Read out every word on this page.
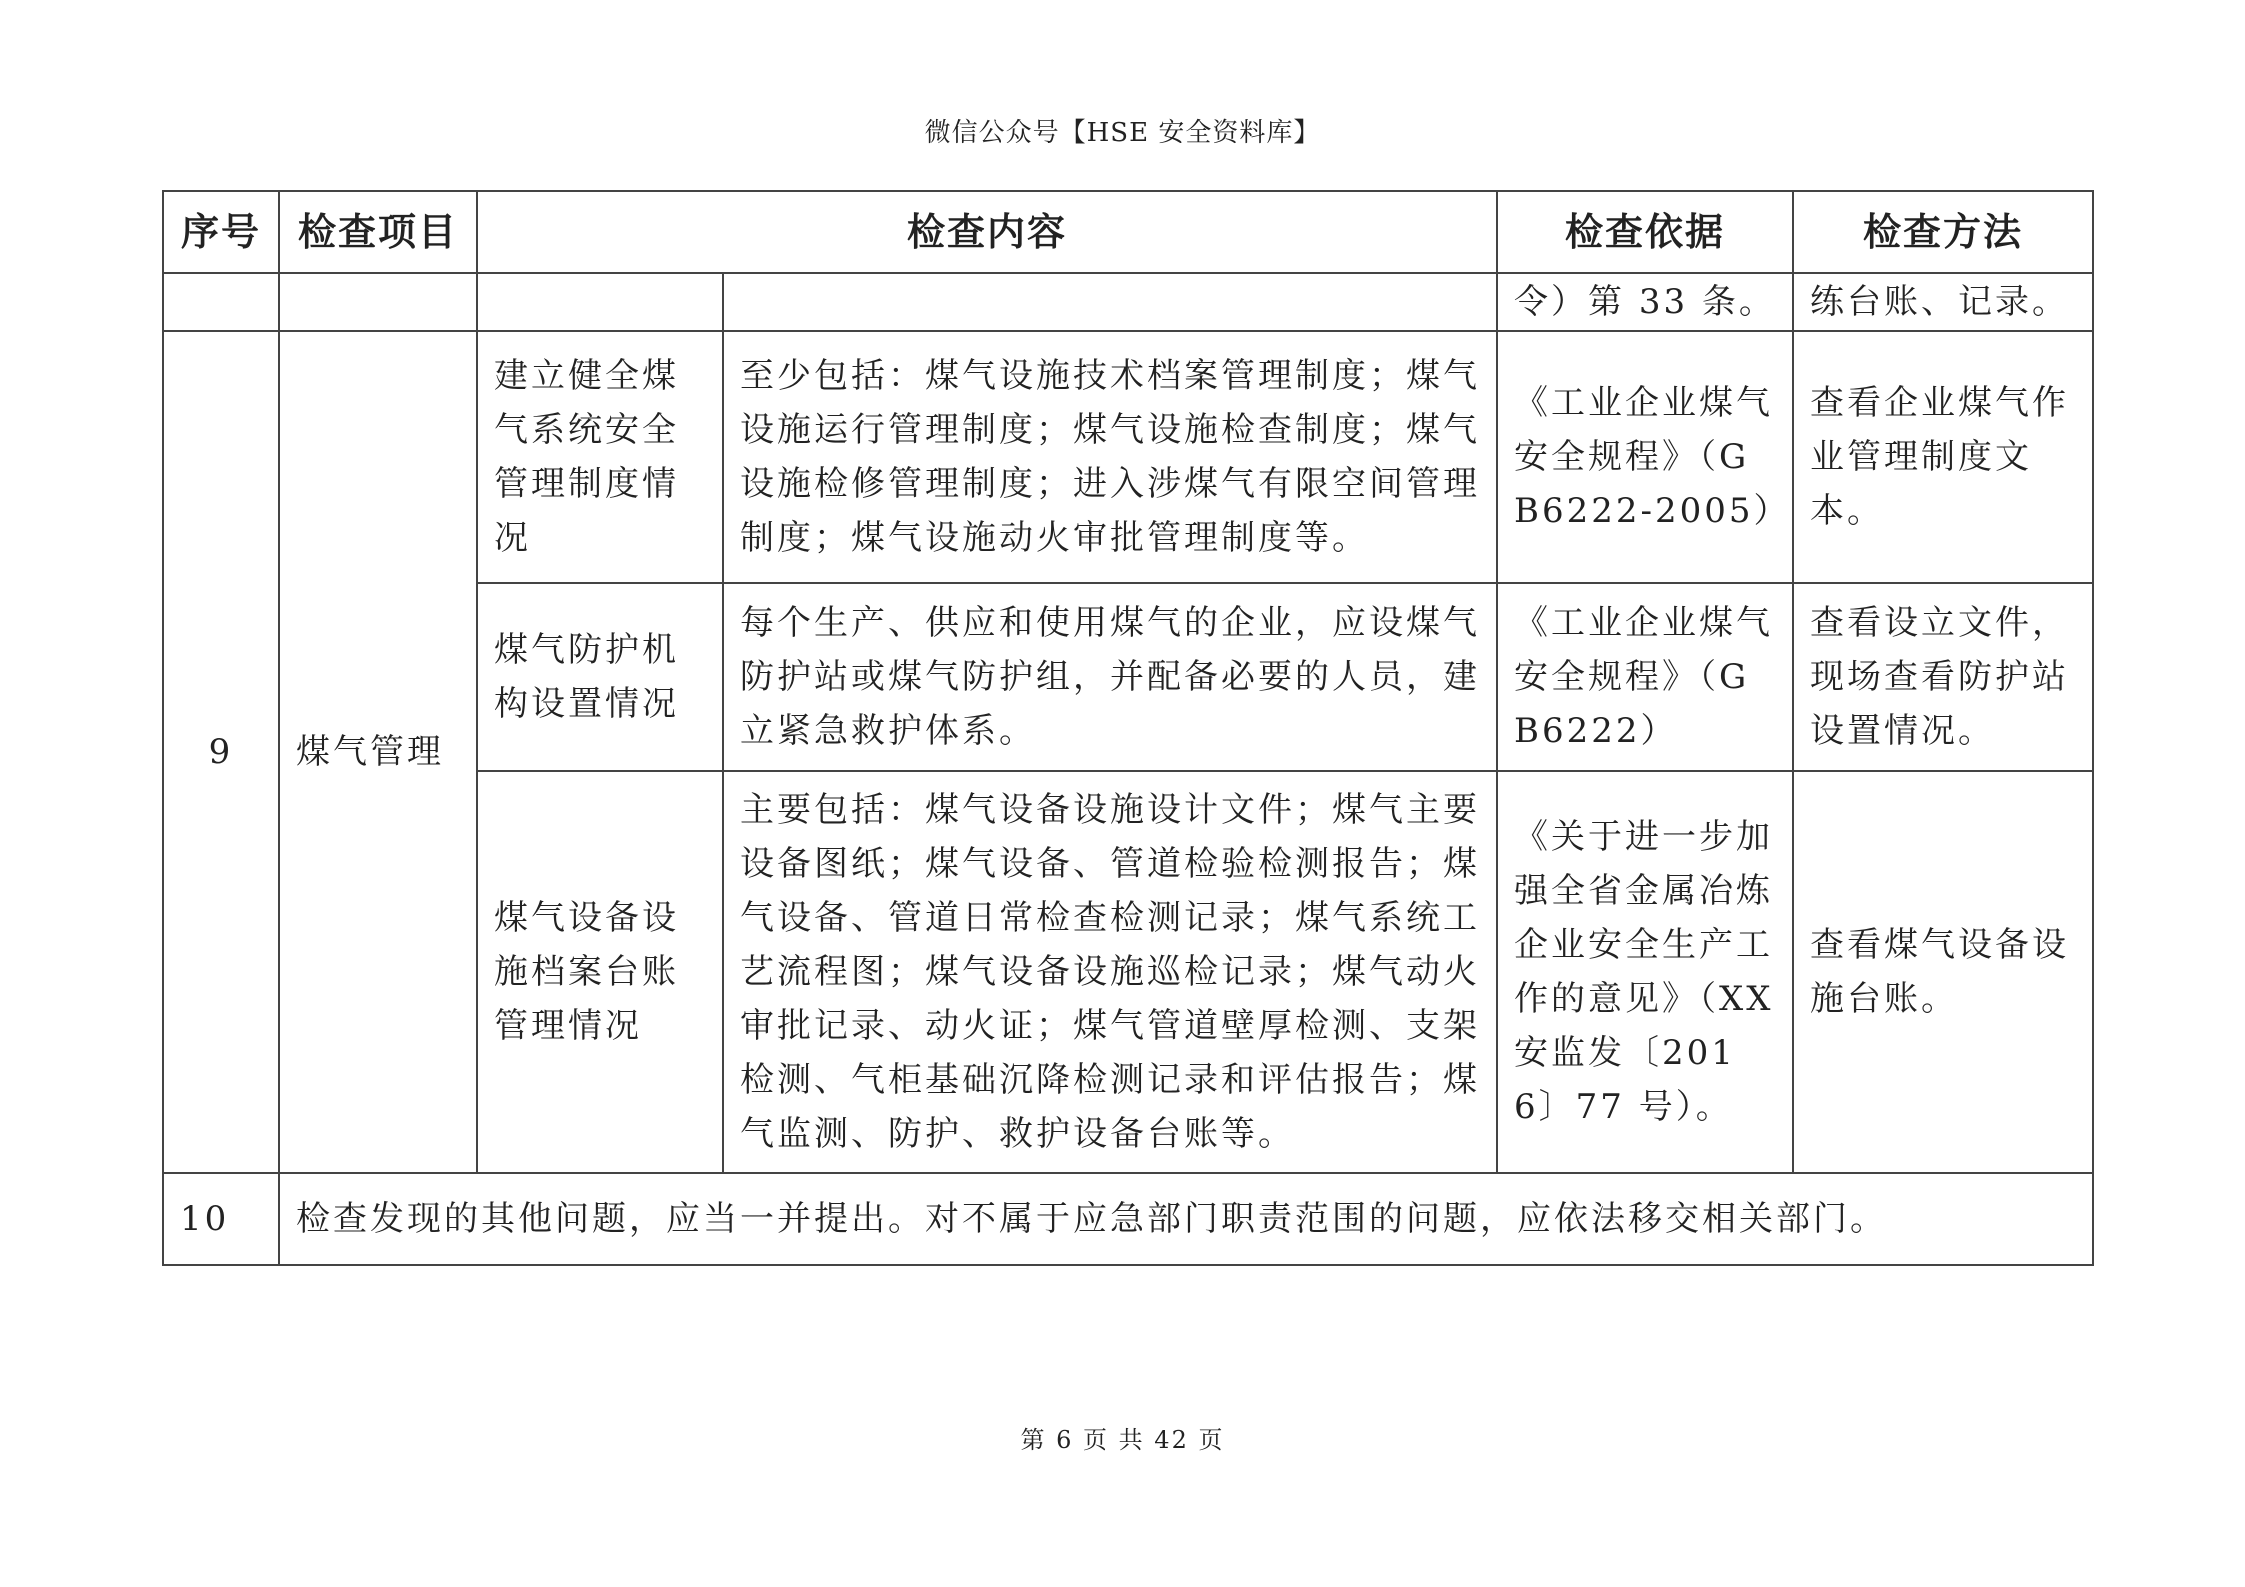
微信公众号【HSE 安全资料库】
序号	检查项目	检查内容		检查依据	检查方法
				令）第 33 条。	练台账、记录。
9	煤气管理	建立健全煤气系统安全管理制度情况	至少包括：煤气设施技术档案管理制度；煤气设施运行管理制度；煤气设施检查制度；煤气设施检修管理制度；进入涉煤气有限空间管理制度；煤气设施动火审批管理制度等。	《工业企业煤气安全规程》（GB6222-2005）	查看企业煤气作业管理制度文本。
		煤气防护机构设置情况	每个生产、供应和使用煤气的企业，应设煤气防护站或煤气防护组，并配备必要的人员，建立紧急救护体系。	《工业企业煤气安全规程》（GB6222）	查看设立文件，现场查看防护站设置情况。
		煤气设备设施档案台账管理情况	主要包括：煤气设备设施设计文件；煤气主要设备图纸；煤气设备、管道检验检测报告；煤气设备、管道日常检查检测记录；煤气系统工艺流程图；煤气设备设施巡检记录；煤气动火审批记录、动火证；煤气管道壁厚检测、支架检测、气柜基础沉降检测记录和评估报告；煤气监测、防护、救护设备台账等。	《关于进一步加强全省金属冶炼企业安全生产工作的意见》（XX 安监发〔2016〕77 号）。	查看煤气设备设施台账。
10	检查发现的其他问题，应当一并提出。对不属于应急部门职责范围的问题，应依法移交相关部门。				
第 6 页 共 42 页
